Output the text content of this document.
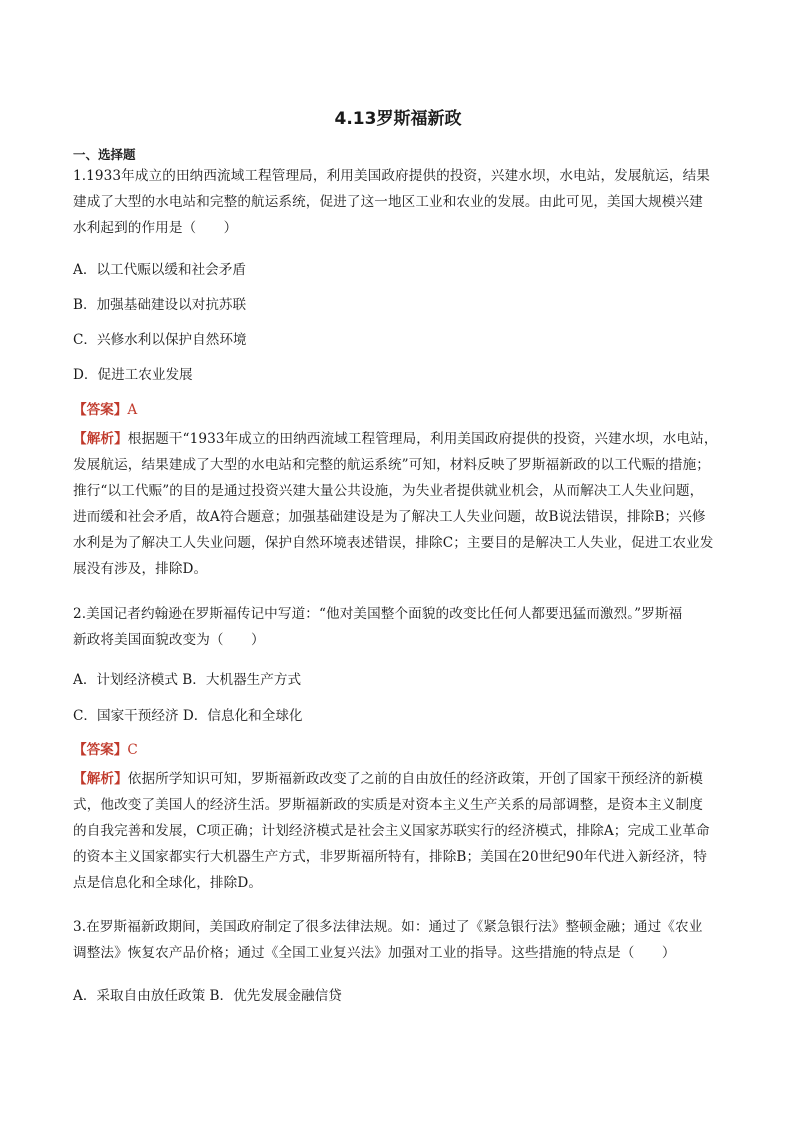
4.13罗斯福新政
一、选择题
1.1933年成立的田纳西流域工程管理局，利用美国政府提供的投资，兴建水坝，水电站，发展航运，结果
建成了大型的水电站和完整的航运系统，促进了这一地区工业和农业的发展。由此可见，美国大规模兴建
水利起到的作用是（　　）
A．以工代赈以缓和社会矛盾
B．加强基础建设以对抗苏联
C．兴修水利以保护自然环境
D．促进工农业发展
【答案】A
【解析】根据题干“1933年成立的田纳西流域工程管理局，利用美国政府提供的投资，兴建水坝，水电站，
发展航运，结果建成了大型的水电站和完整的航运系统”可知，材料反映了罗斯福新政的以工代赈的措施；
推行“以工代赈”的目的是通过投资兴建大量公共设施，为失业者提供就业机会，从而解决工人失业问题，
进而缓和社会矛盾，故A符合题意；加强基础建设是为了解决工人失业问题，故B说法错误，排除B；兴修
水利是为了解决工人失业问题，保护自然环境表述错误，排除C；主要目的是解决工人失业，促进工农业发
展没有涉及，排除D。
2.美国记者约翰逊在罗斯福传记中写道：“他对美国整个面貌的改变比任何人都要迅猛而激烈。”罗斯福
新政将美国面貌改变为（　　）
A．计划经济模式 B．大机器生产方式
C．国家干预经济 D．信息化和全球化
【答案】C
【解析】依据所学知识可知，罗斯福新政改变了之前的自由放任的经济政策，开创了国家干预经济的新模
式，他改变了美国人的经济生活。罗斯福新政的实质是对资本主义生产关系的局部调整，是资本主义制度
的自我完善和发展，C项正确；计划经济模式是社会主义国家苏联实行的经济模式，排除A；完成工业革命
的资本主义国家都实行大机器生产方式，非罗斯福所特有，排除B；美国在20世纪90年代进入新经济，特
点是信息化和全球化，排除D。
3.在罗斯福新政期间，美国政府制定了很多法律法规。如：通过了《紧急银行法》整顿金融；通过《农业
调整法》恢复农产品价格；通过《全国工业复兴法》加强对工业的指导。这些措施的特点是（　　）
A．采取自由放任政策 B．优先发展金融信贷
